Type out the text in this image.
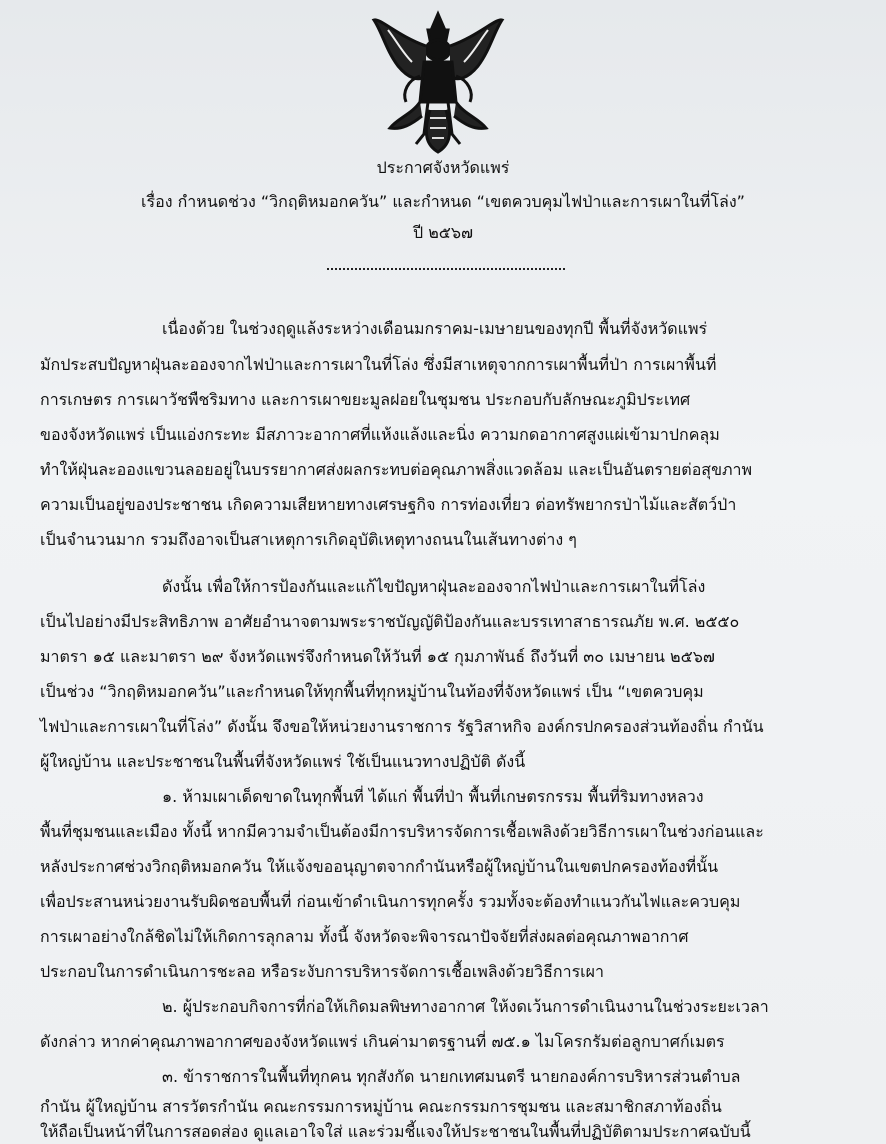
ประกาศจังหวัดแพร่
เรื่อง กำหนดช่วง “วิกฤติหมอกควัน” และกำหนด “เขตควบคุมไฟป่าและการเผาในที่โล่ง”
ปี ๒๕๖๗
เนื่องด้วย ในช่วงฤดูแล้งระหว่างเดือนมกราคม-เมษายนของทุกปี พื้นที่จังหวัดแพร่
มักประสบปัญหาฝุ่นละอองจากไฟป่าและการเผาในที่โล่ง ซึ่งมีสาเหตุจากการเผาพื้นที่ป่า การเผาพื้นที่
การเกษตร การเผาวัชพืชริมทาง และการเผาขยะมูลฝอยในชุมชน ประกอบกับลักษณะภูมิประเทศ
ของจังหวัดแพร่ เป็นแอ่งกระทะ มีสภาวะอากาศที่แห้งแล้งและนิ่ง ความกดอากาศสูงแผ่เข้ามาปกคลุม
ทำให้ฝุ่นละอองแขวนลอยอยู่ในบรรยากาศส่งผลกระทบต่อคุณภาพสิ่งแวดล้อม และเป็นอันตรายต่อสุขภาพ
ความเป็นอยู่ของประชาชน เกิดความเสียหายทางเศรษฐกิจ การท่องเที่ยว ต่อทรัพยากรป่าไม้และสัตว์ป่า
เป็นจำนวนมาก รวมถึงอาจเป็นสาเหตุการเกิดอุบัติเหตุทางถนนในเส้นทางต่าง ๆ
ดังนั้น เพื่อให้การป้องกันและแก้ไขปัญหาฝุ่นละอองจากไฟป่าและการเผาในที่โล่ง
เป็นไปอย่างมีประสิทธิภาพ อาศัยอำนาจตามพระราชบัญญัติป้องกันและบรรเทาสาธารณภัย พ.ศ. ๒๕๕๐
มาตรา ๑๕ และมาตรา ๒๙ จังหวัดแพร่จึงกำหนดให้วันที่ ๑๕ กุมภาพันธ์ ถึงวันที่ ๓๐ เมษายน ๒๕๖๗
เป็นช่วง “วิกฤติหมอกควัน”และกำหนดให้ทุกพื้นที่ทุกหมู่บ้านในท้องที่จังหวัดแพร่ เป็น “เขตควบคุม
ไฟป่าและการเผาในที่โล่ง” ดังนั้น จึงขอให้หน่วยงานราชการ รัฐวิสาหกิจ องค์กรปกครองส่วนท้องถิ่น กำนัน
ผู้ใหญ่บ้าน และประชาชนในพื้นที่จังหวัดแพร่ ใช้เป็นแนวทางปฏิบัติ ดังนี้
๑. ห้ามเผาเด็ดขาดในทุกพื้นที่ ได้แก่ พื้นที่ป่า พื้นที่เกษตรกรรม พื้นที่ริมทางหลวง
พื้นที่ชุมชนและเมือง ทั้งนี้ หากมีความจำเป็นต้องมีการบริหารจัดการเชื้อเพลิงด้วยวิธีการเผาในช่วงก่อนและ
หลังประกาศช่วงวิกฤติหมอกควัน ให้แจ้งขออนุญาตจากกำนันหรือผู้ใหญ่บ้านในเขตปกครองท้องที่นั้น
เพื่อประสานหน่วยงานรับผิดชอบพื้นที่ ก่อนเข้าดำเนินการทุกครั้ง รวมทั้งจะต้องทำแนวกันไฟและควบคุม
การเผาอย่างใกล้ชิดไม่ให้เกิดการลุกลาม ทั้งนี้ จังหวัดจะพิจารณาปัจจัยที่ส่งผลต่อคุณภาพอากาศ
ประกอบในการดำเนินการชะลอ หรือระงับการบริหารจัดการเชื้อเพลิงด้วยวิธีการเผา
๒. ผู้ประกอบกิจการที่ก่อให้เกิดมลพิษทางอากาศ ให้งดเว้นการดำเนินงานในช่วงระยะเวลา
ดังกล่าว หากค่าคุณภาพอากาศของจังหวัดแพร่ เกินค่ามาตรฐานที่ ๗๕.๑ ไมโครกรัมต่อลูกบาศก์เมตร
๓. ข้าราชการในพื้นที่ทุกคน ทุกสังกัด นายกเทศมนตรี นายกองค์การบริหารส่วนตำบล
กำนัน ผู้ใหญ่บ้าน สารวัตรกำนัน คณะกรรมการหมู่บ้าน คณะกรรมการชุมชน และสมาชิกสภาท้องถิ่น
ให้ถือเป็นหน้าที่ในการสอดส่อง ดูแลเอาใจใส่ และร่วมชี้แจงให้ประชาชนในพื้นที่ปฏิบัติตามประกาศฉบับนี้
